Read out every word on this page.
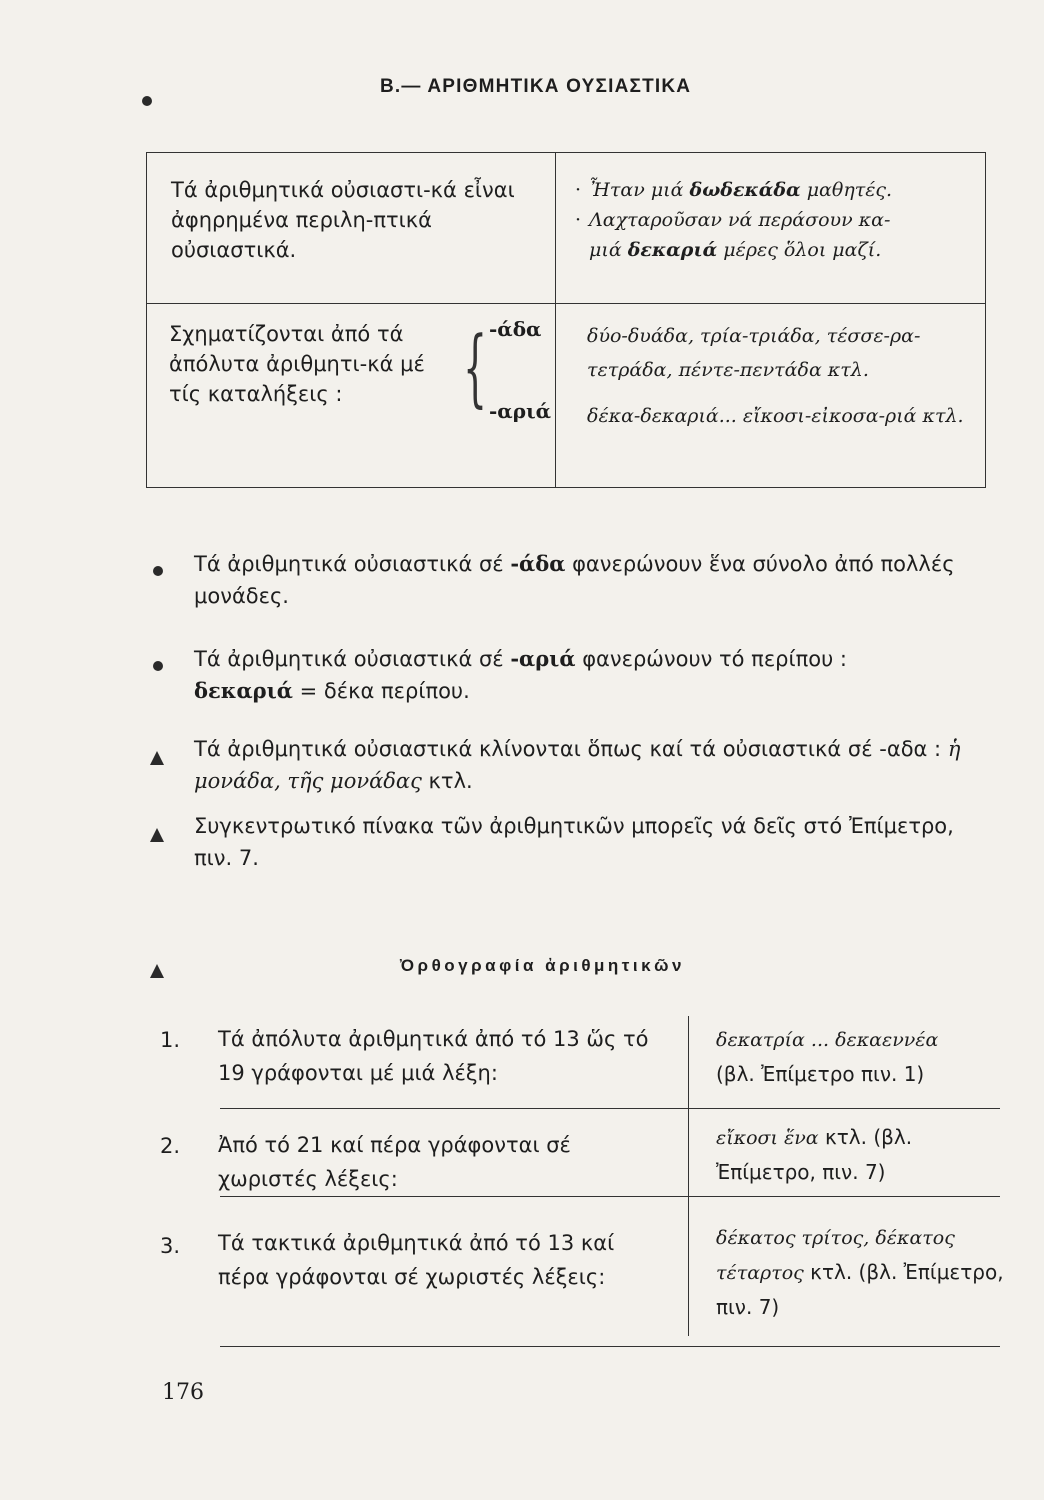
Β.— ΑΡΙΘΜΗΤΙΚΑ ΟΥΣΙΑΣΤΙΚΑ
Τά ἀριθμητικά οὐσιαστι-κά εἶναι ἀφηρημένα περιλη-πτικά οὐσιαστικά.
· Ἦταν μιά δωδεκάδα μαθητές.
· Λαχταροῦσαν νά περάσουν κα-
μιά δεκαριά μέρες ὅλοι μαζί.
Σχηματίζονται ἀπό τά ἀπόλυτα ἀριθμητι-κά μέ τίς καταλήξεις :	{ -άδα
-αριά
δύο-δυάδα, τρία-τριάδα, τέσσε-ρα-τετράδα, πέντε-πεντάδα κτλ.
δέκα-δεκαριά... εἴκοσι-εἰκοσα-ριά κτλ.
Τά ἀριθμητικά οὐσιαστικά σέ -άδα φανερώνουν ἕνα σύνολο ἀπό πολλές μονάδες.
Τά ἀριθμητικά οὐσιαστικά σέ -αριά φανερώνουν τό περίπου :
δεκαριά = δέκα περίπου.
Τά ἀριθμητικά οὐσιαστικά κλίνονται ὅπως καί τά οὐσιαστικά σέ -αδα : ἡ μονάδα, τῆς μονάδας κτλ.
Συγκεντρωτικό πίνακα τῶν ἀριθμητικῶν μπορεῖς νά δεῖς στό Ἐπίμετρο, πιν. 7.
Ὀρθογραφία ἀριθμητικῶν
1. Τά ἀπόλυτα ἀριθμητικά ἀπό τό 13 ὥς τό 19 γράφονται μέ μιά λέξη:
δεκατρία ... δεκαεννέα
(βλ. Ἐπίμετρο πιν. 1)
2. Ἀπό τό 21 καί πέρα γράφονται σέ χωριστές λέξεις:
εἴκοσι ἕνα κτλ. (βλ. Ἐπίμετρο, πιν. 7)
3. Τά τακτικά ἀριθμητικά ἀπό τό 13 καί πέρα γράφονται σέ χωριστές λέξεις:
δέκατος τρίτος, δέκατος τέταρτος κτλ. (βλ. Ἐπίμετρο, πιν. 7)
176
